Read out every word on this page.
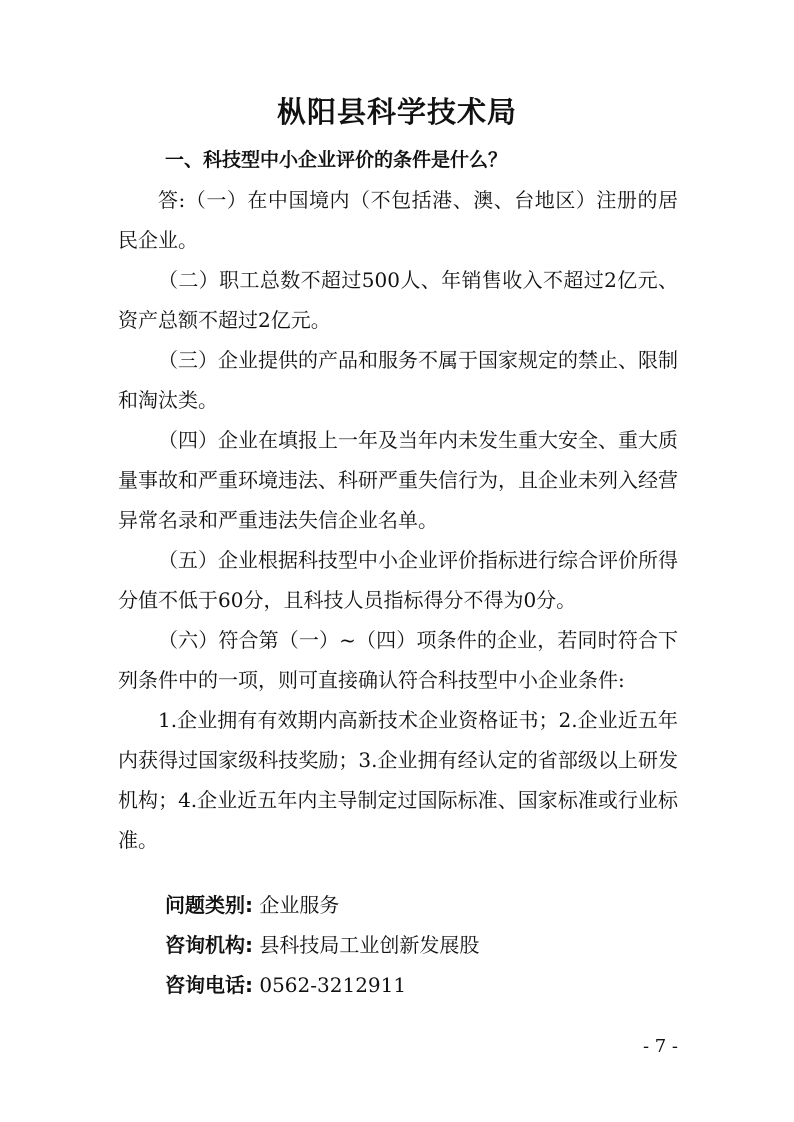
枞阳县科学技术局
一、科技型中小企业评价的条件是什么？

答:（一）在中国境内（不包括港、澳、台地区）注册的居民企业。

（二）职工总数不超过500人、年销售收入不超过2亿元、资产总额不超过2亿元。

（三）企业提供的产品和服务不属于国家规定的禁止、限制和淘汰类。

（四）企业在填报上一年及当年内未发生重大安全、重大质量事故和严重环境违法、科研严重失信行为，且企业未列入经营异常名录和严重违法失信企业名单。

（五）企业根据科技型中小企业评价指标进行综合评价所得分值不低于60分，且科技人员指标得分不得为0分。

（六）符合第（一）~（四）项条件的企业，若同时符合下列条件中的一项，则可直接确认符合科技型中小企业条件:

1.企业拥有有效期内高新技术企业资格证书；2.企业近五年内获得过国家级科技奖励；3.企业拥有经认定的省部级以上研发机构；4.企业近五年内主导制定过国际标准、国家标准或行业标准。

问题类别: 企业服务
咨询机构: 县科技局工业创新发展股
咨询电话: 0562-3212911
- 7 -
